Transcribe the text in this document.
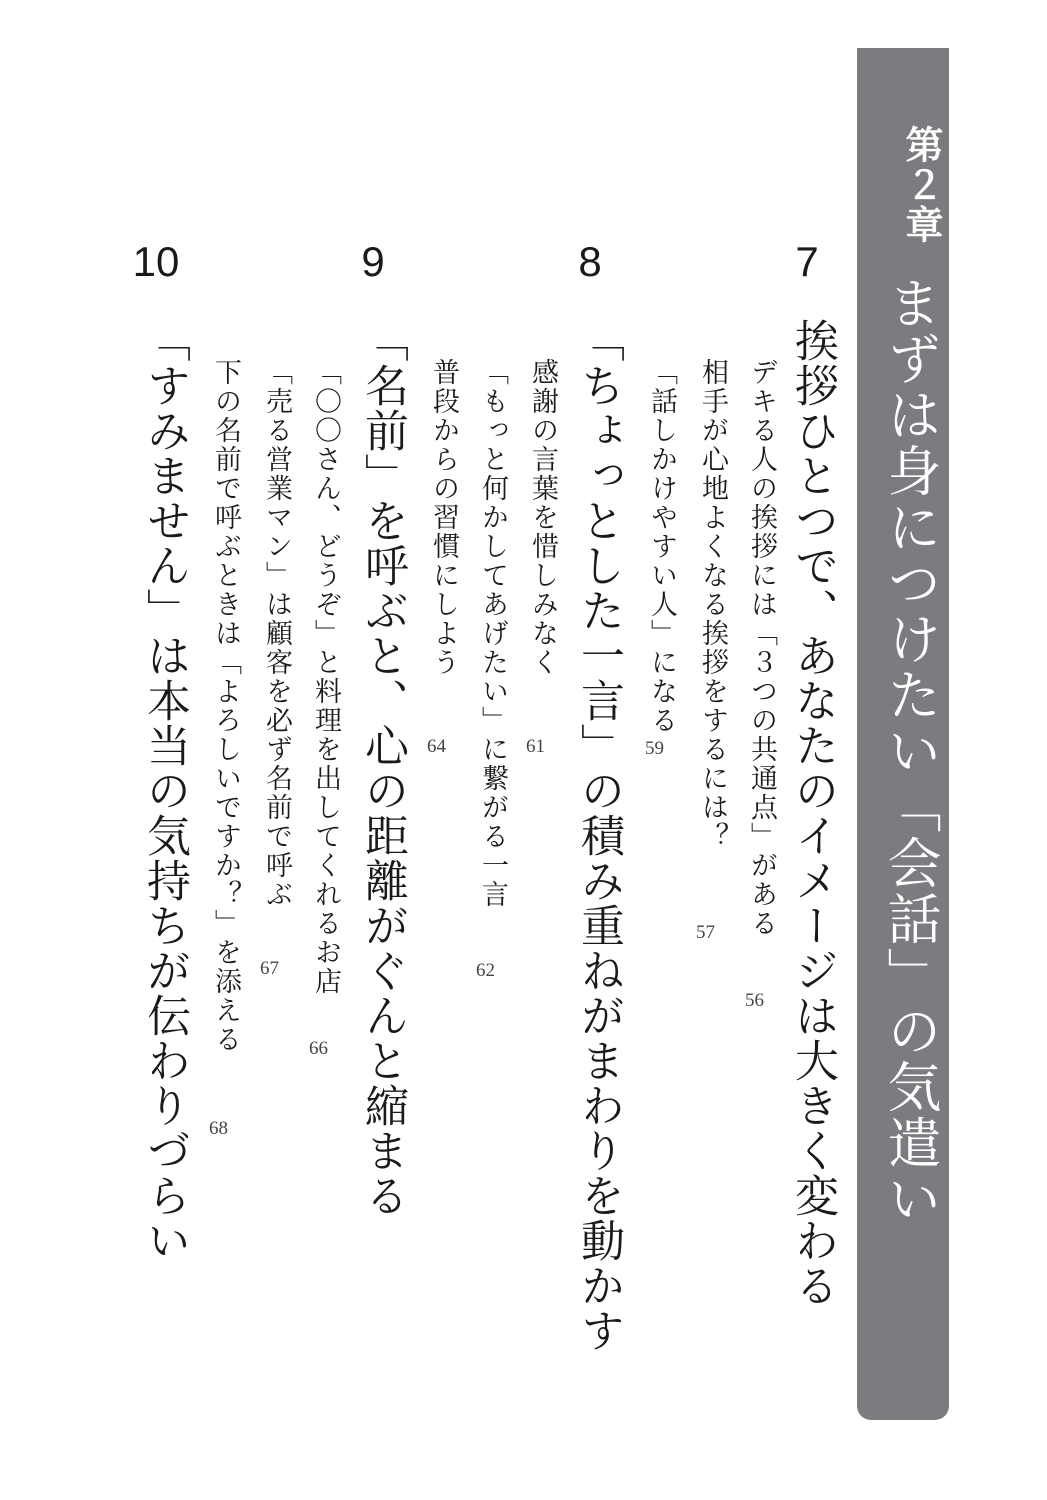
第２章
まずは身につけたい「会話」の気遣い
7
挨拶ひとつで、あなたのイメージは大きく変わる
デキる人の挨拶には「３つの共通点」がある
56
相手が心地よくなる挨拶をするには？
57
「話しかけやすい人」になる
59
8
「ちょっとした一言」の積み重ねがまわりを動かす
感謝の言葉を惜しみなく
61
「もっと何かしてあげたい」に繋がる一言
62
普段からの習慣にしよう
64
9
「名前」を呼ぶと、心の距離がぐんと縮まる
「〇〇さん、どうぞ」と料理を出してくれるお店
66
「売る営業マン」は顧客を必ず名前で呼ぶ
67
下の名前で呼ぶときは「よろしいですか？」を添える
68
10
「すみません」は本当の気持ちが伝わりづらい
